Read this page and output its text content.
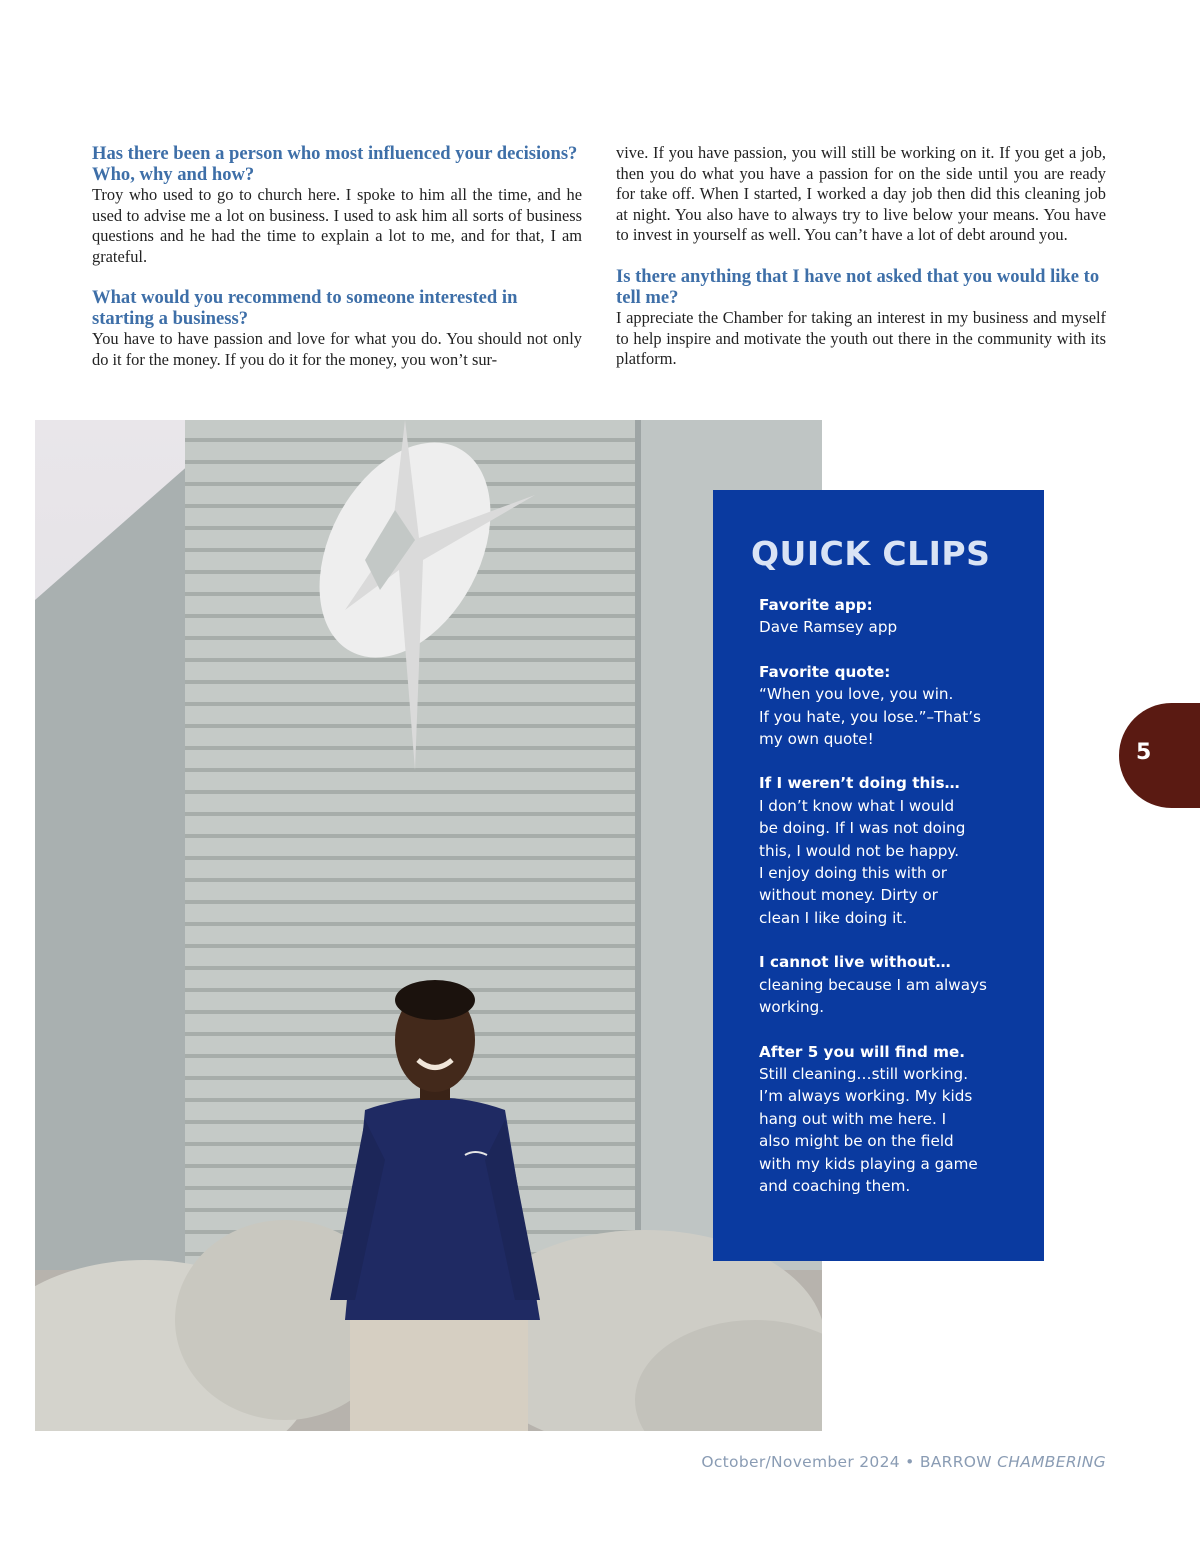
Has there been a person who most influenced your decisions? Who, why and how?

Troy who used to go to church here. I spoke to him all the time, and he used to advise me a lot on business. I used to ask him all sorts of business questions and he had the time to explain a lot to me, and for that, I am grateful.

What would you recommend to someone interested in starting a business?

You have to have passion and love for what you do. You should not only do it for the money. If you do it for the money, you won’t sur-

vive. If you have passion, you will still be working on it. If you get a job, then you do what you have a passion for on the side until you are ready for take off. When I started, I worked a day job then did this cleaning job at night. You also have to always try to live below your means. You have to invest in yourself as well. You can’t have a lot of debt around you.

Is there anything that I have not asked that you would like to tell me?

I appreciate the Chamber for taking an interest in my business and myself to help inspire and motivate the youth out there in the community with its platform.

QUICK CLIPS
Favorite app:
Dave Ramsey app
Favorite quote:
“When you love, you win.
If you hate, you lose.”–That’s
my own quote!
If I weren’t doing this…
I don’t know what I would
be doing. If I was not doing
this, I would not be happy.
I enjoy doing this with or
without money. Dirty or
clean I like doing it.
I cannot live without…
cleaning because I am always
working.
After 5 you will find me.
Still cleaning…still working.
I’m always working. My kids
hang out with me here. I
also might be on the field
with my kids playing a game
and coaching them.
5
October/November 2024 • BARROW CHAMBERING
